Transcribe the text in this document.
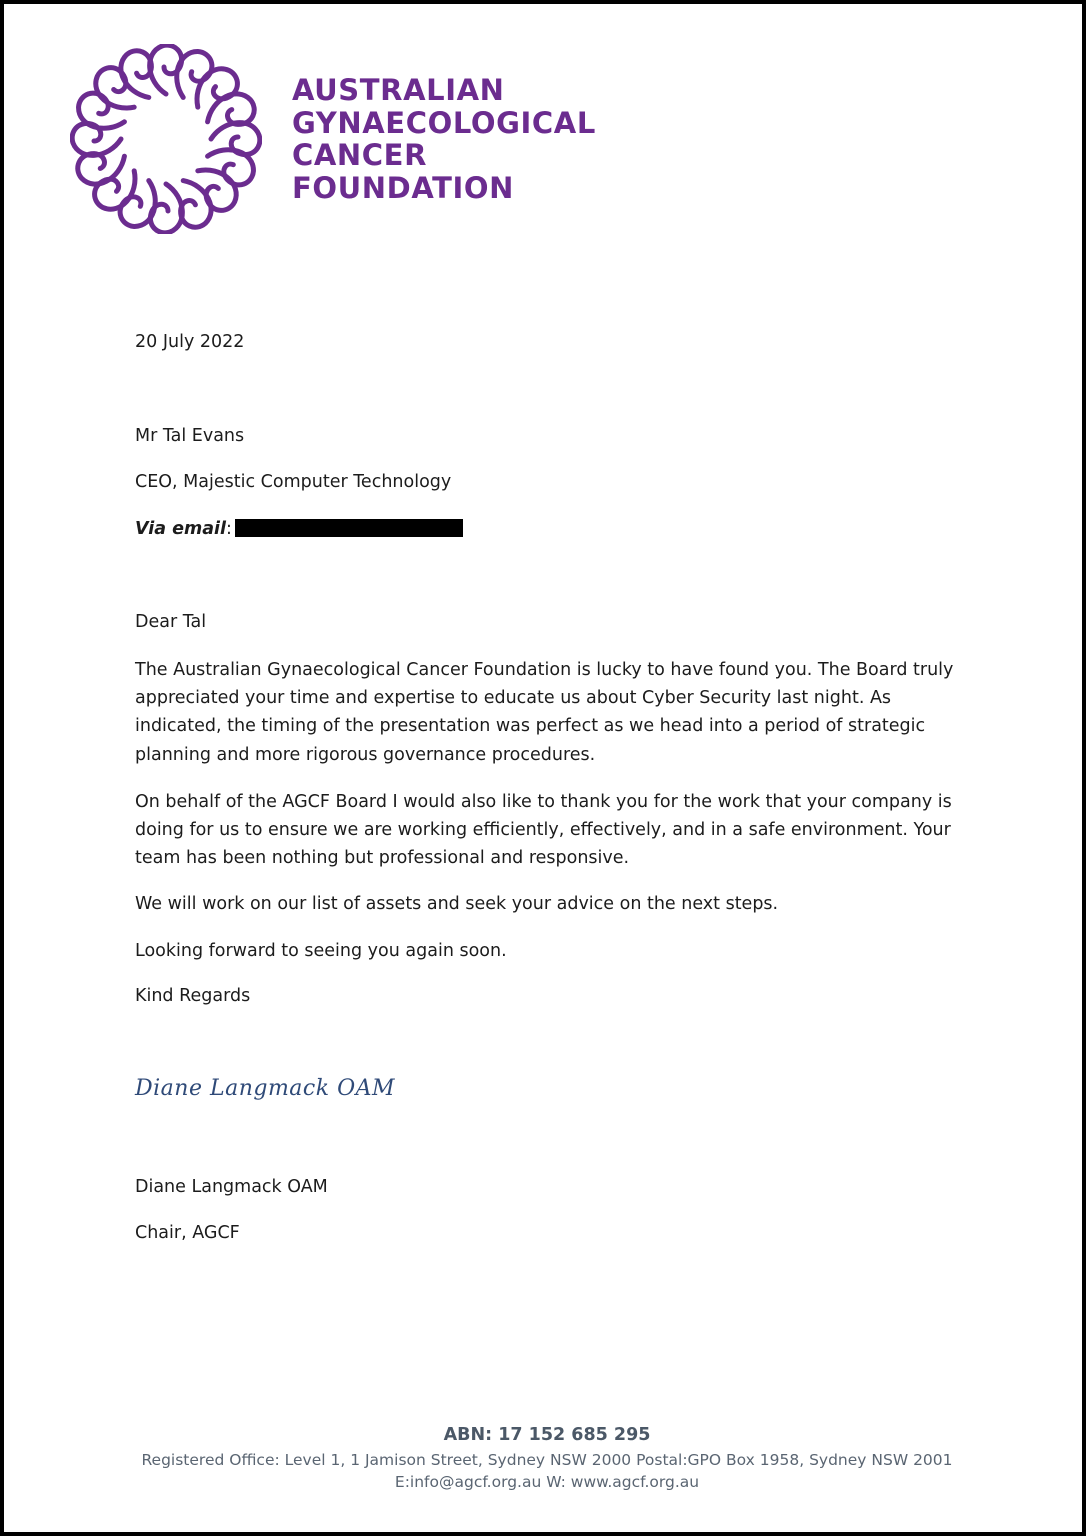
AUSTRALIAN
GYNAECOLOGICAL
CANCER
FOUNDATION
20 July 2022
Mr Tal Evans
CEO, Majestic Computer Technology
Via email:
Dear Tal
The Australian Gynaecological Cancer Foundation is lucky to have found you. The Board truly appreciated your time and expertise to educate us about Cyber Security last night. As indicated, the timing of the presentation was perfect as we head into a period of strategic planning and more rigorous governance procedures.
On behalf of the AGCF Board I would also like to thank you for the work that your company is doing for us to ensure we are working efficiently, effectively, and in a safe environment. Your team has been nothing but professional and responsive.
We will work on our list of assets and seek your advice on the next steps.
Looking forward to seeing you again soon.
Kind Regards
Diane Langmack OAM
Diane Langmack OAM
Chair, AGCF
ABN: 17 152 685 295
Registered Office: Level 1, 1 Jamison Street, Sydney NSW 2000 Postal:GPO Box 1958, Sydney NSW 2001
E:info@agcf.org.au W: www.agcf.org.au
